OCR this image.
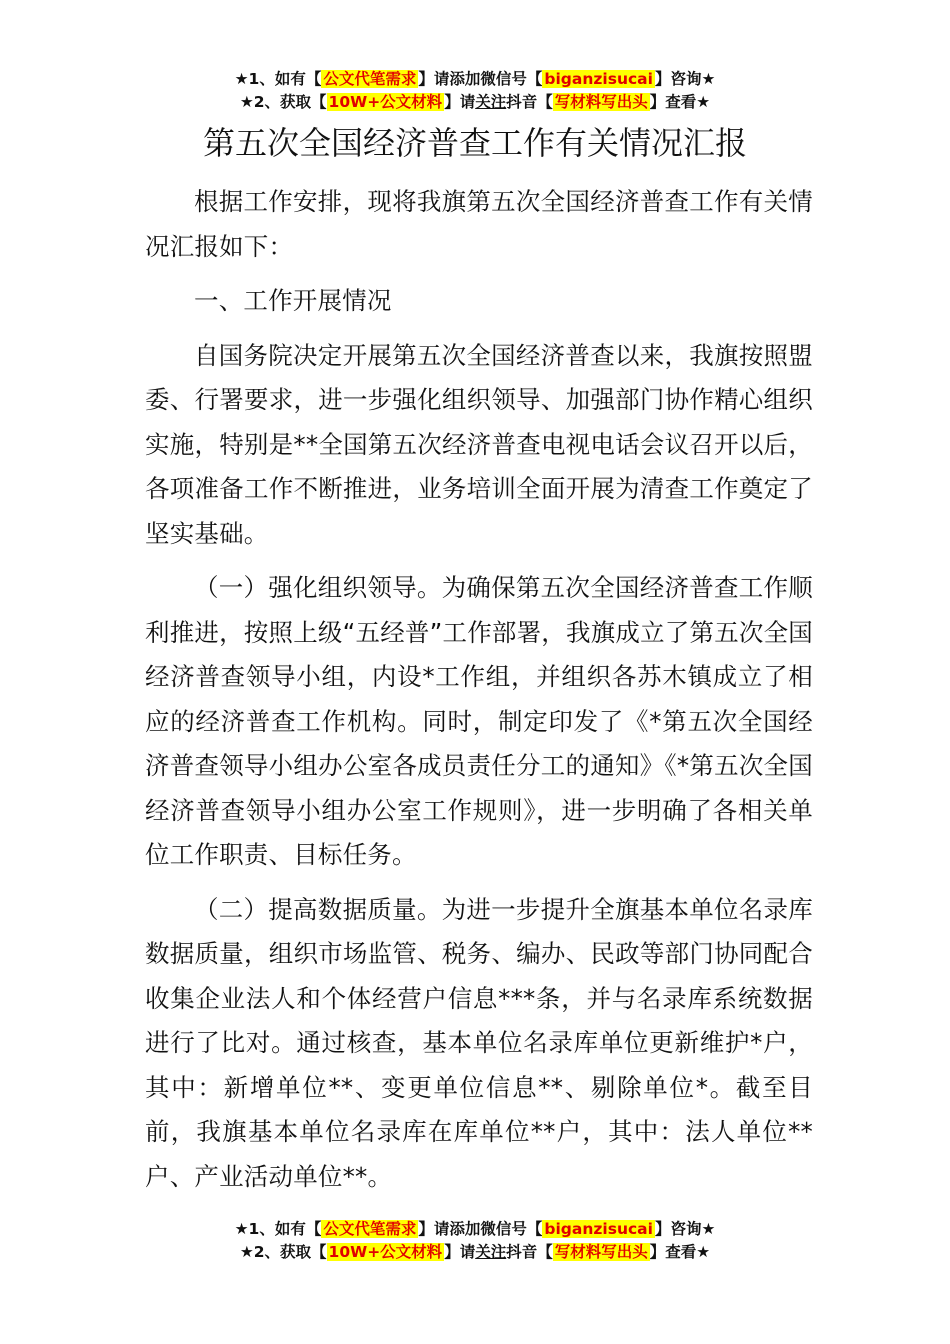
★1、如有【 公文代笔需求 】请添加微信号【 biganzisucai 】咨询★
★2、获取【 10W+公文材料 】请关注抖音【 写材料写出头 】查看★
第五次全国经济普查工作有关情况汇报

根据工作安排，现将我旗第五次全国经济普查工作有关情况汇报如下：

一、工作开展情况

自国务院决定开展第五次全国经济普查以来，我旗按照盟委、行署要求，进一步强化组织领导、加强部门协作精心组织实施，特别是**全国第五次经济普查电视电话会议召开以后，各项准备工作不断推进，业务培训全面开展为清查工作奠定了坚实基础。

（一）强化组织领导。为确保第五次全国经济普查工作顺利推进，按照上级“五经普”工作部署，我旗成立了第五次全国经济普查领导小组，内设*工作组，并组织各苏木镇成立了相应的经济普查工作机构。同时，制定印发了《*第五次全国经济普查领导小组办公室各成员责任分工的通知》《*第五次全国经济普查领导小组办公室工作规则》，进一步明确了各相关单位工作职责、目标任务。

（二）提高数据质量。为进一步提升全旗基本单位名录库数据质量，组织市场监管、税务、编办、民政等部门协同配合收集企业法人和个体经营户信息***条，并与名录库系统数据进行了比对。通过核查，基本单位名录库单位更新维护*户，其中：新增单位**、变更单位信息**、剔除单位*。截至目前，我旗基本单位名录库在库单位**户，其中：法人单位**户、产业活动单位**。

★1、如有【 公文代笔需求 】请添加微信号【 biganzisucai 】咨询★
★2、获取【 10W+公文材料 】请关注抖音【 写材料写出头 】查看★
